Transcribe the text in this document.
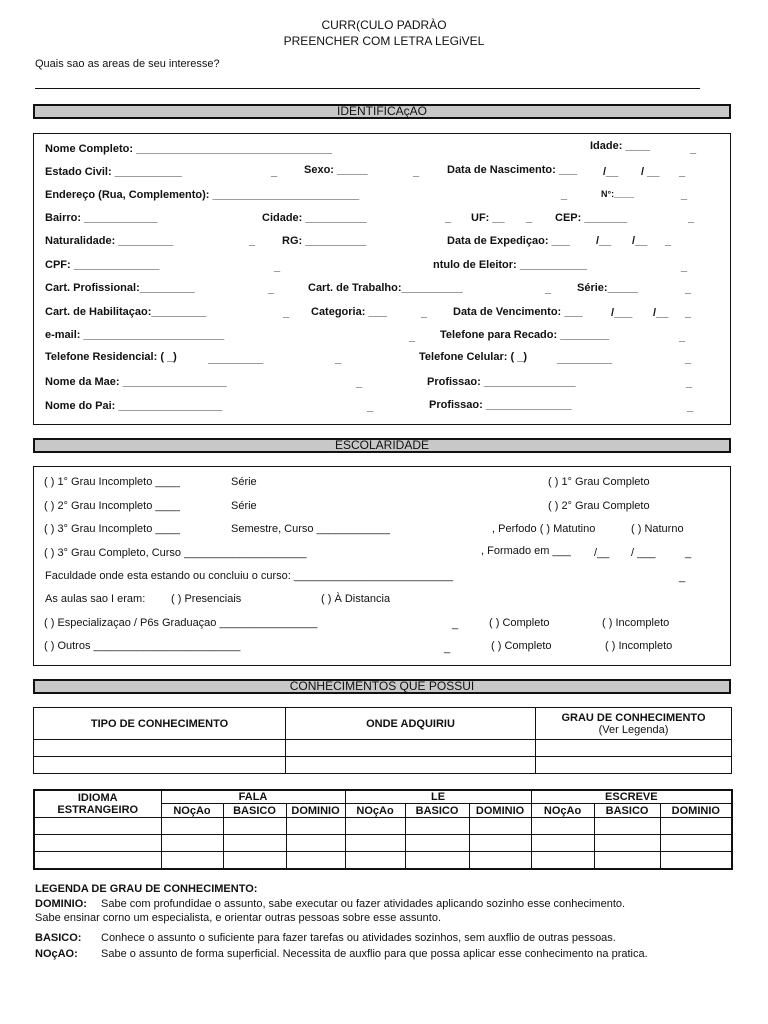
CURR(CULO PADRÀO
PREENCHER COM LETRA LEGiVEL
Quais sao as areas de seu interesse?
IDENTIFICAçÃO
Nome Completo: ________________________________	Idade: ____	_
Estado Civil: ___________	_ Sexo: _____	_	Data de Nascimento: ___ /__ / __ _
Endereço (Rua, Complemento): ________________________	_	N°:____	_
Bairro: ____________	Cidade: __________	_ UF: __ _ CEP: _______	_
Naturalidade: _________	_ RG: __________	Data de Expediçao: ___ /__ /__ _
CPF: ______________	_	ntulo de Eleitor: ___________	_
Cart. Profissional:_________	_	Cart. de Trabalho:__________	_ Série:_____	_
Cart. de Habilitaçao:_________	_ Categoria: ___	_ Data de Vencimento: ___	/___ /__ _
e-mail: _______________________	_ Telefone para Recado: ________	_
Telefone Residencial: ( _)	_________	_	Telefone Celular: ( _)	_________	_
Nome da Mae: _________________	_	Profissao: _______________	_
Nome do Pai: _________________	_	Profissao: ______________	_
ESCOLARIDADE
( ) 1° Grau Incompleto ____	Série	( ) 1° Grau Completo
( ) 2° Grau Incompleto ____	Série	( ) 2° Grau Completo
( ) 3° Grau Incompleto ____	Semestre, Curso ____________	, Perfodo ( ) Matutino	( ) Naturno
( ) 3° Grau Completo, Curso ____________________	, Formado em ___ /__ / ___	_
Faculdade onde esta estando ou concluiu o curso: __________________________	_
As aulas sao I eram: ( ) Presenciais	( ) À Distancia
( ) Especializaçao / P6s Graduaçao ________________	_	( ) Completo	( ) Incompleto
( ) Outros ________________________	_	( ) Completo	( ) Incompleto
CONHECIMENTOS QUE POSSUI
TIPO DE CONHECIMENTO	ONDE ADQUIRIU	GRAU DE CONHECIMENTO
(Ver Legenda)

IDIOMA
ESTRANGEIRO	FALA			LE			ESCREVE		
	NOçAo	BASICO	DOMINIO	NOçAo	BASICO	DOMINIO	NOçAo	BASICO	DOMINIO

LEGENDA DE GRAU DE CONHECIMENTO:
DOMINIO: Sabe com profundidae o assunto, sabe executar ou fazer atividades aplicando sozinho esse conhecimento.
Sabe ensinar corno um especialista, e orientar outras pessoas sobre esse assunto.
BASICO: Conhece o assunto o suficiente para fazer tarefas ou atividades sozinhos, sem auxflio de outras pessoas.
NOçAO: Sabe o assunto de forma superficial. Necessita de auxflio para que possa aplicar esse conhecimento na pratica.
